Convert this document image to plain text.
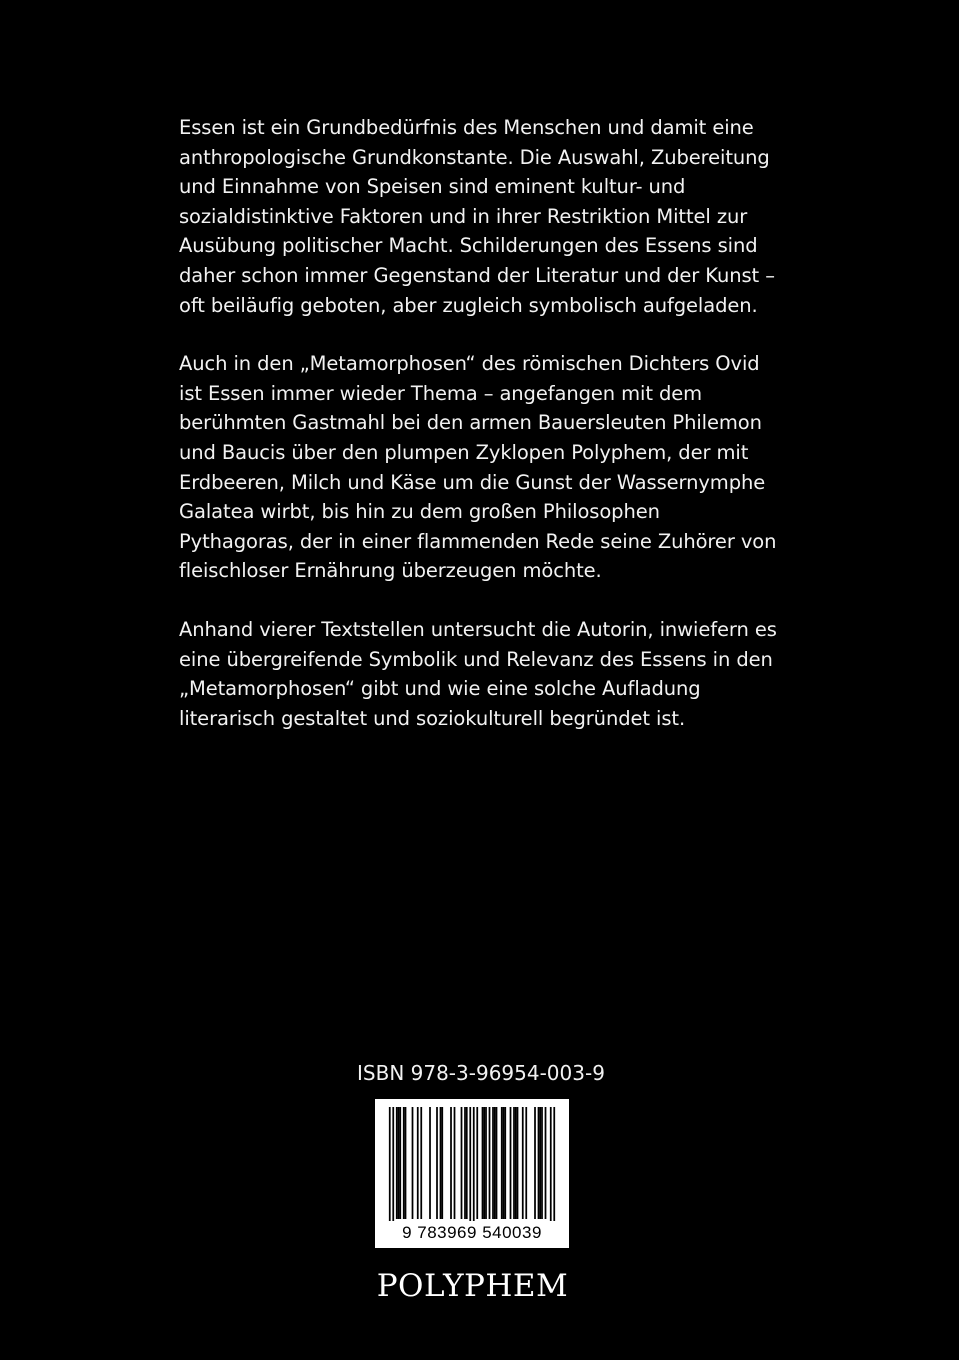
Essen ist ein Grundbedürfnis des Menschen und damit eine anthropologische Grundkonstante. Die Auswahl, Zubereitung und Einnahme von Speisen sind eminent kultur- und sozialdistinktive Faktoren und in ihrer Restriktion Mittel zur Ausübung politischer Macht. Schilderungen des Essens sind daher schon immer Gegenstand der Literatur und der Kunst – oft beiläufig geboten, aber zugleich symbolisch aufgeladen.

Auch in den „Metamorphosen“ des römischen Dichters Ovid ist Essen immer wieder Thema – angefangen mit dem berühmten Gastmahl bei den armen Bauersleuten Philemon und Baucis über den plumpen Zyklopen Polyphem, der mit Erdbeeren, Milch und Käse um die Gunst der Wassernymphe Galatea wirbt, bis hin zu dem großen Philosophen Pythagoras, der in einer flammenden Rede seine Zuhörer von fleischloser Ernährung überzeugen möchte.

Anhand vierer Textstellen untersucht die Autorin, inwiefern es eine übergreifende Symbolik und Relevanz des Essens in den „Metamorphosen“ gibt und wie eine solche Aufladung literarisch gestaltet und soziokulturell begründet ist.

ISBN 978-3-96954-003-9
9 783969 540039
POLYPHEM
